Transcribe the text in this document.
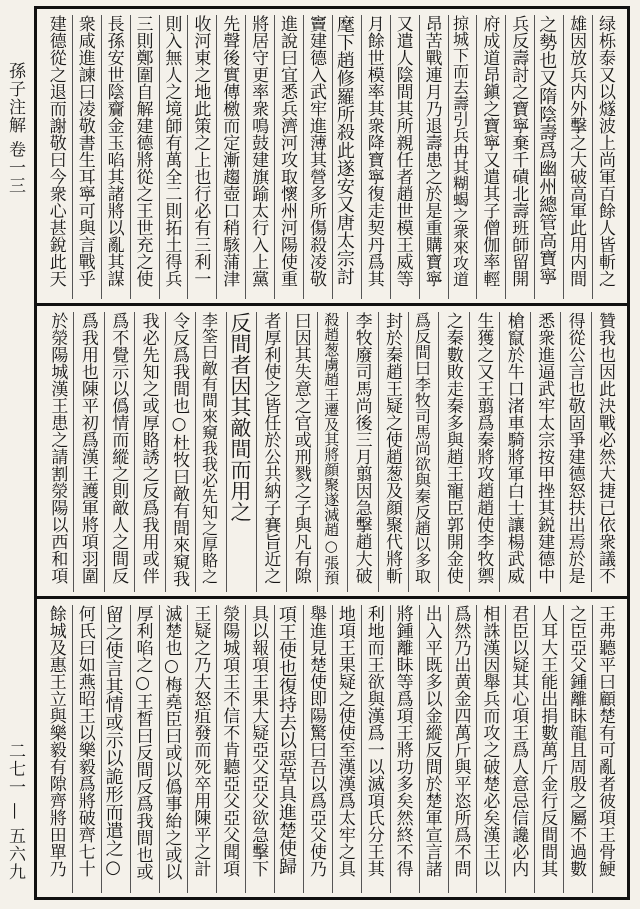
孫子注解 卷一三
二七一 — 五六九
绿栎泰又以燧波上尚軍百餘人皆斬之
雄因放兵内外擊之大破高軍此用内間
之勢也又隋陰壽爲幽州總管高寶寧
兵反壽討之寶寧棄千磧北壽班師留開
府成道昂鎭之寶寧又遣其子僧伽率輕
掠城下而去壽引兵冉其糊蝎之衆來攻道
昂苦戰連月乃退壽患之於是重購寶寧
又遣人陰間其所親任者趙世模王威等
月餘世模率其衆降寶寧復走契丹爲其
麾下趙修羅所殺此遂安又唐太宗討
竇建德入武牢進薄其營多所傷殺凌敬
進說曰宜悉兵濟河攻取懷州河陽使重
將居守更率衆鳴鼓建旗踰太行入上黨
先聲後實傳檄而定漸趨壺口稍駭蒲津
收河東之地此策之上也行必有三利一
則入無人之境師有萬全二則拓土得兵
三則鄭圍自解建德將從之王世充之使
長孫安世陰齎金玉啗其諸將以亂其謀
衆咸進諫曰凌敬書生耳寧可與言戰乎
建德從之退而謝敬曰今衆心甚銳此天
贊我也因此決戰必然大捷已依衆議不
得從公言也敬固爭建德怒扶出焉於是
悉衆進逼武牢太宗按甲挫其鋭建德中
槍竄於牛口渚車騎將軍白士讓楊武威
生獲之又王翦爲秦將攻趙趙使李牧禦
之秦數敗走秦多與趙王寵臣郭開金使
爲反間曰李牧司馬尚欲與秦反趙以多取
封於秦趙王疑之使趙葱及顔聚代將斬
李牧廢司馬尚後三月翦因急擊趙大破
殺趙葱虜趙王遷及其將顔聚遂滅趙○張預
曰因其失意之官或刑戮之子與凡有隙
者厚利使之皆任於公共納子賽旨近之
反間者因其敵間而用之
李筌曰敵有間來窺我我必先知之厚賂之
令反爲我間也○杜牧曰敵有間來窺我
我必先知之或厚賂誘之反爲我用或伴
爲不覺示以僞情而縱之則敵人之間反
爲我用也陳平初爲漢王護軍將項羽圍
於滎陽城漢王患之請割滎陽以西和項
王弗聽平曰顧楚有可亂者彼項王骨鯁
之臣亞父鍾離眛龍且周殷之屬不過數
人耳大王能出捐數萬斤金行反間間其
君臣以疑其心項王爲人意忌信讒必内
相誅漢因舉兵而攻之破楚必矣漢王以
爲然乃出黄金四萬斤與平恣所爲不問
出入平既多以金縱反間於楚軍宣言諸
將鍾離眛等爲項王將功多矣然終不得
利地而王欲與漢爲一以滅項氏分王其
地項王果疑之使使至漢漢爲太牢之具
舉進見楚使即陽驚曰吾以爲亞父使乃
項王使也復持去以惡草具進楚使歸
具以報項王果大疑亞父亞父欲急擊下
滎陽城項王不信不肯聽亞父亞父聞項
王疑之乃大怒疽發而死卒用陳平之計
滅楚也○梅堯臣曰或以僞事紿之或以
厚利啗之○王皙曰反間反爲我間也或
留之使言其情或示以詭形而遣之○
何氏曰如燕昭王以樂毅爲將破齊七十
餘城及惠王立與樂毅有隙齊將田單乃
